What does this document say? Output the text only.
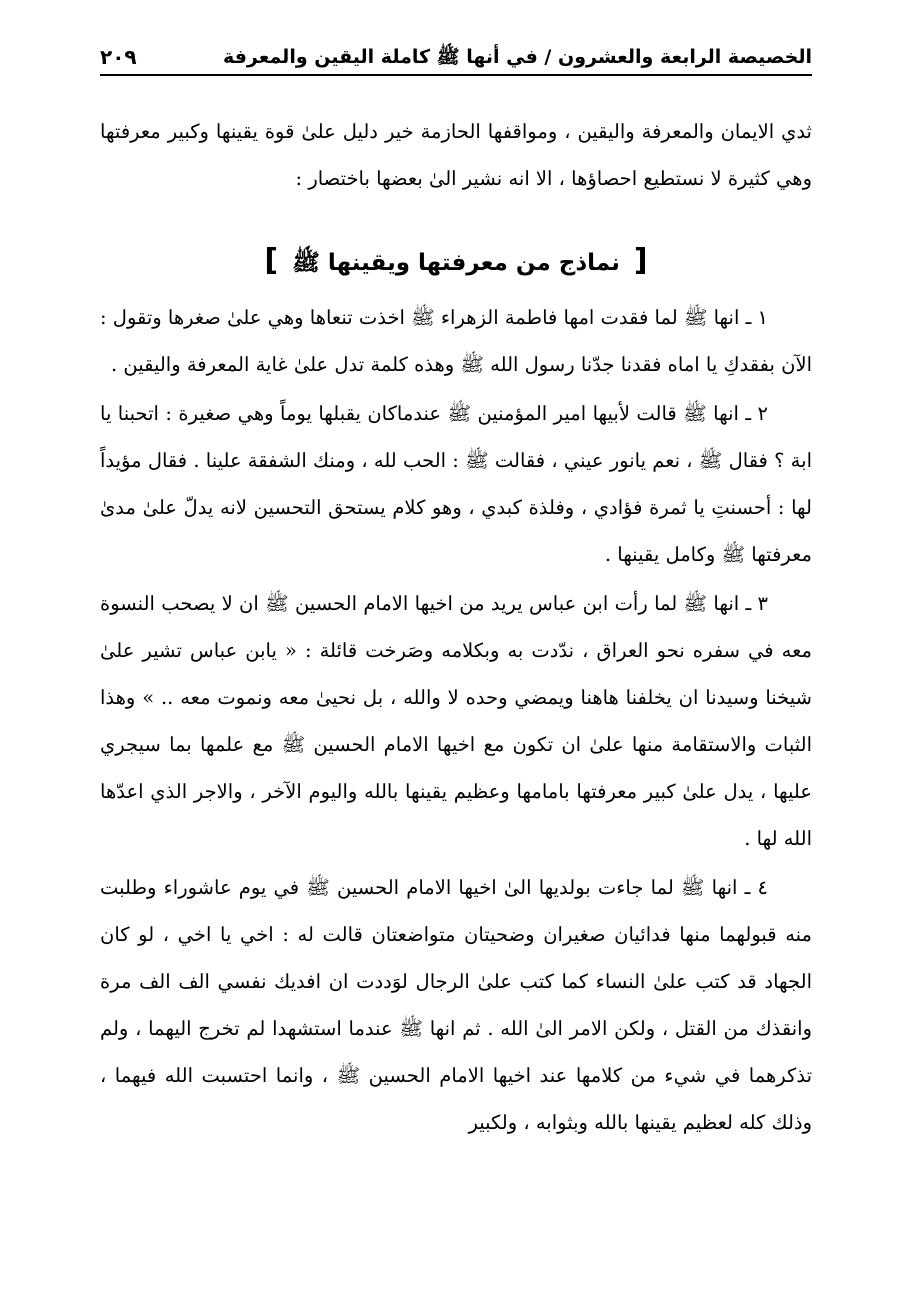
الخصيصة الرابعة والعشرون / في أنها ﷺ كاملة اليقين والمعرفة
٢٠٩

ثدي الايمان والمعرفة واليقين ، ومواقفها الحازمة خير دليل علىٰ قوة يقينها وكبير معرفتها وهي كثيرة لا نستطيع احصاؤها ، الا انه نشير الىٰ بعضها باختصار :

[ نماذج من معرفتها ويقينها ﷺ ]

١ ـ انها ﷺ لما فقدت امها فاطمة الزهراء ﷺ اخذت تنعاها وهي علىٰ صغرها وتقول : الآن بفقدكِ يا اماه فقدنا جدّنا رسول الله ﷺ وهذه كلمة تدل علىٰ غاية المعرفة واليقين .

٢ ـ انها ﷺ قالت لأبيها امير المؤمنين ﷺ عندماكان يقبلها يوماً وهي صغيرة : اتحبنا يا ابة ؟ فقال ﷺ ، نعم يانور عيني ، فقالت ﷺ : الحب لله ، ومنك الشفقة علينا . فقال مؤيداً لها : أحسنتِ يا ثمرة فؤادي ، وفلذة كبدي ، وهو كلام يستحق التحسين لانه يدلّ علىٰ مدىٰ معرفتها ﷺ وكامل يقينها .

٣ ـ انها ﷺ لما رأت ابن عباس يريد من اخيها الامام الحسين ﷺ ان لا يصحب النسوة معه في سفره نحو العراق ، ندّدت به وبكلامه وصَرخت قائلة : « يابن عباس تشير علىٰ شيخنا وسيدنا ان يخلفنا هاهنا ويمضي وحده لا والله ، بل نحيىٰ معه ونموت معه .. » وهذا الثبات والاستقامة منها علىٰ ان تكون مع اخيها الامام الحسين ﷺ مع علمها بما سيجري عليها ، يدل علىٰ كبير معرفتها بامامها وعظيم يقينها بالله واليوم الآخر ، والاجر الذي اعدّها الله لها .

٤ ـ انها ﷺ لما جاءت بولديها الىٰ اخيها الامام الحسين ﷺ في يوم عاشوراء وطلبت منه قبولهما منها فدائيان صغيران وضحيتان متواضعتان قالت له : اخي يا اخي ، لو كان الجهاد قد كتب علىٰ النساء كما كتب علىٰ الرجال لوَددت ان افديك نفسي الف الف مرة وانقذك من القتل ، ولكن الامر الىٰ الله . ثم انها ﷺ عندما استشهدا لم تخرج اليهما ، ولم تذكرهما في شيء من كلامها عند اخيها الامام الحسين ﷺ ، وانما احتسبت الله فيهما ، وذلك كله لعظيم يقينها بالله وبثوابه ، ولكبير
